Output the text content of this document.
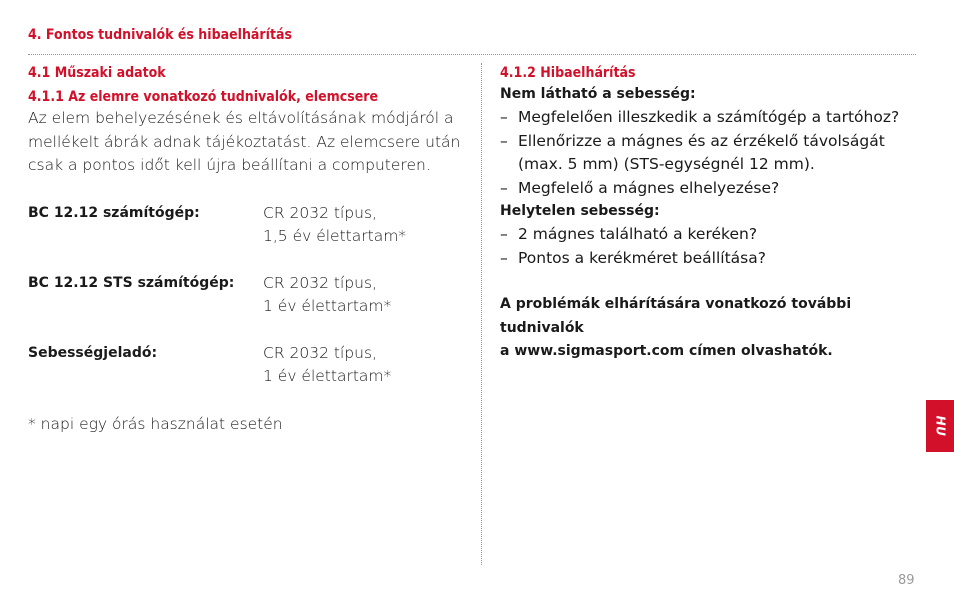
4. Fontos tudnivalók és hibaelhárítás
4.1 Műszaki adatok
4.1.1 Az elemre vonatkozó tudnivalók, elemcsere
Az elem behelyezésének és eltávolításának módjáról a
mellékelt ábrák adnak tájékoztatást. Az elemcsere után
csak a pontos időt kell újra beállítani a computeren.
BC 12.12 számítógép:	CR 2032 típus,
1,5 év élettartam*
BC 12.12 STS számítógép: CR 2032 típus,
1 év élettartam*
Sebességjeladó:	CR 2032 típus,
1 év élettartam*
* napi egy órás használat esetén
4.1.2 Hibaelhárítás
Nem látható a sebesség:
– Megfelelően illeszkedik a számítógép a tartóhoz?
– Ellenőrizze a mágnes és az érzékelő távolságát
(max. 5 mm) (STS-egységnél 12 mm).
– Megfelelő a mágnes elhelyezése?
Helytelen sebesség:
– 2 mágnes található a keréken?
– Pontos a kerékméret beállítása?
A problémák elhárítására vonatkozó további tudnivalók
a www.sigmasport.com címen olvashatók.
HU
89
